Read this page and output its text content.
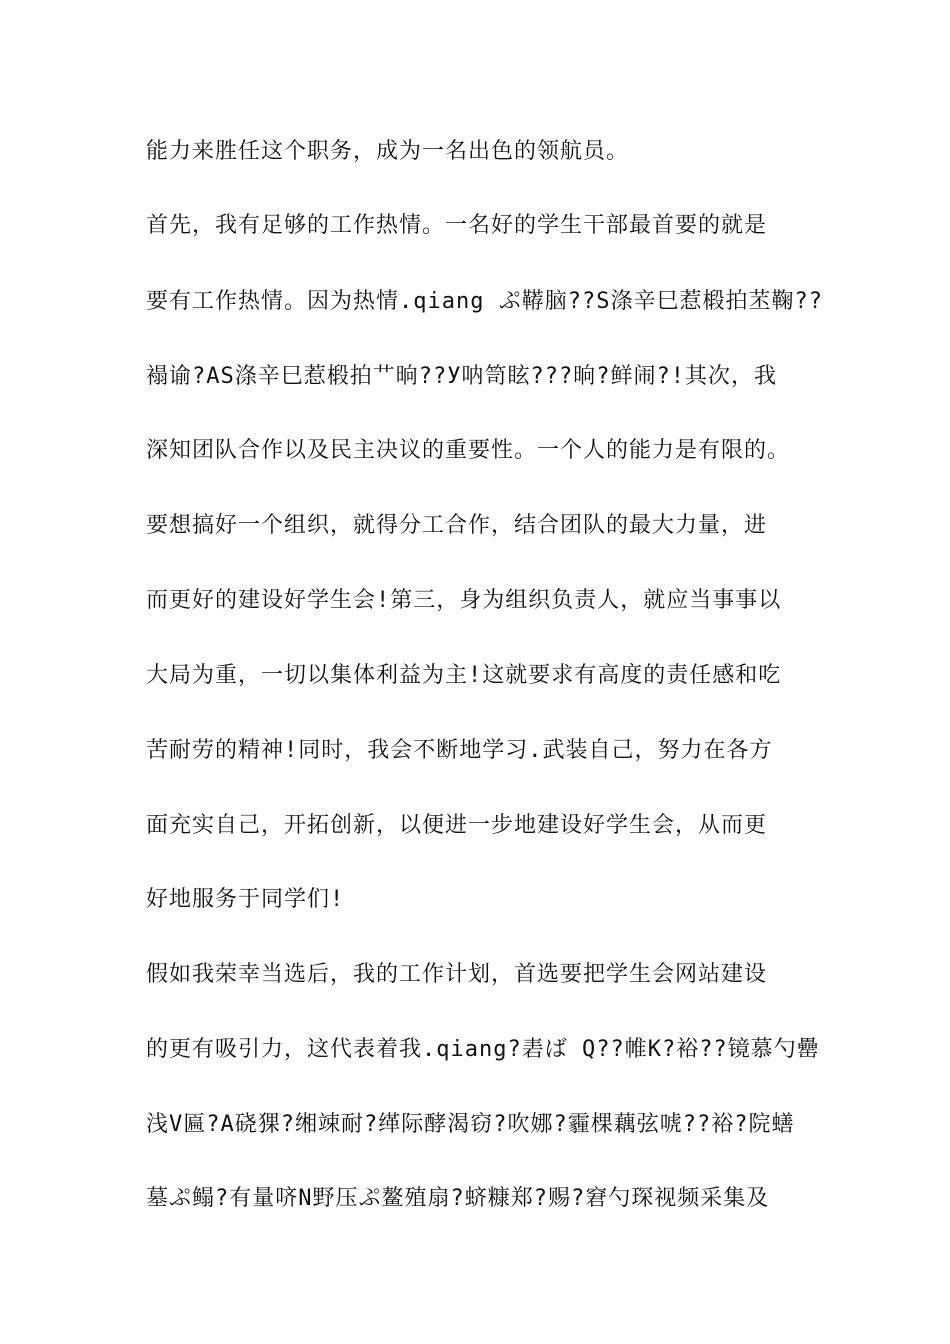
能力来胜任这个职务，成为一名出色的领航员。

首先，我有足够的工作热情。一名好的学生干部最首要的就是

要有工作热情。因为热情.qiang ぷ鞯脑??S涤辛巳惹椴拍苤鞠??

褟谕?AS涤辛巳惹椴拍艹晌??У呐笥眩???晌?鲜闹?!其次，我

深知团队合作以及民主决议的重要性。一个人的能力是有限的。

要想搞好一个组织，就得分工合作，结合团队的最大力量，进

而更好的建设好学生会!第三，身为组织负责人，就应当事事以

大局为重，一切以集体利益为主!这就要求有高度的责任感和吃

苦耐劳的精神!同时，我会不断地学习.武装自己，努力在各方

面充实自己，开拓创新，以便进一步地建设好学生会，从而更

好地服务于同学们!

假如我荣幸当选后，我的工作计划，首选要把学生会网站建设

的更有吸引力，这代表着我.qiang?砉ば Q??帷K?裕??镜慕勺罍

浅V匾?A硗猓?缃竦耐?缂际酵渴窃?吹娜?霾棵藕弦唬??裕?院蟮

墓ぷ鳎?有量哜N野压ぷ鳌殖扇?蛴糠郑?赐?窘勺琛视频采集及
